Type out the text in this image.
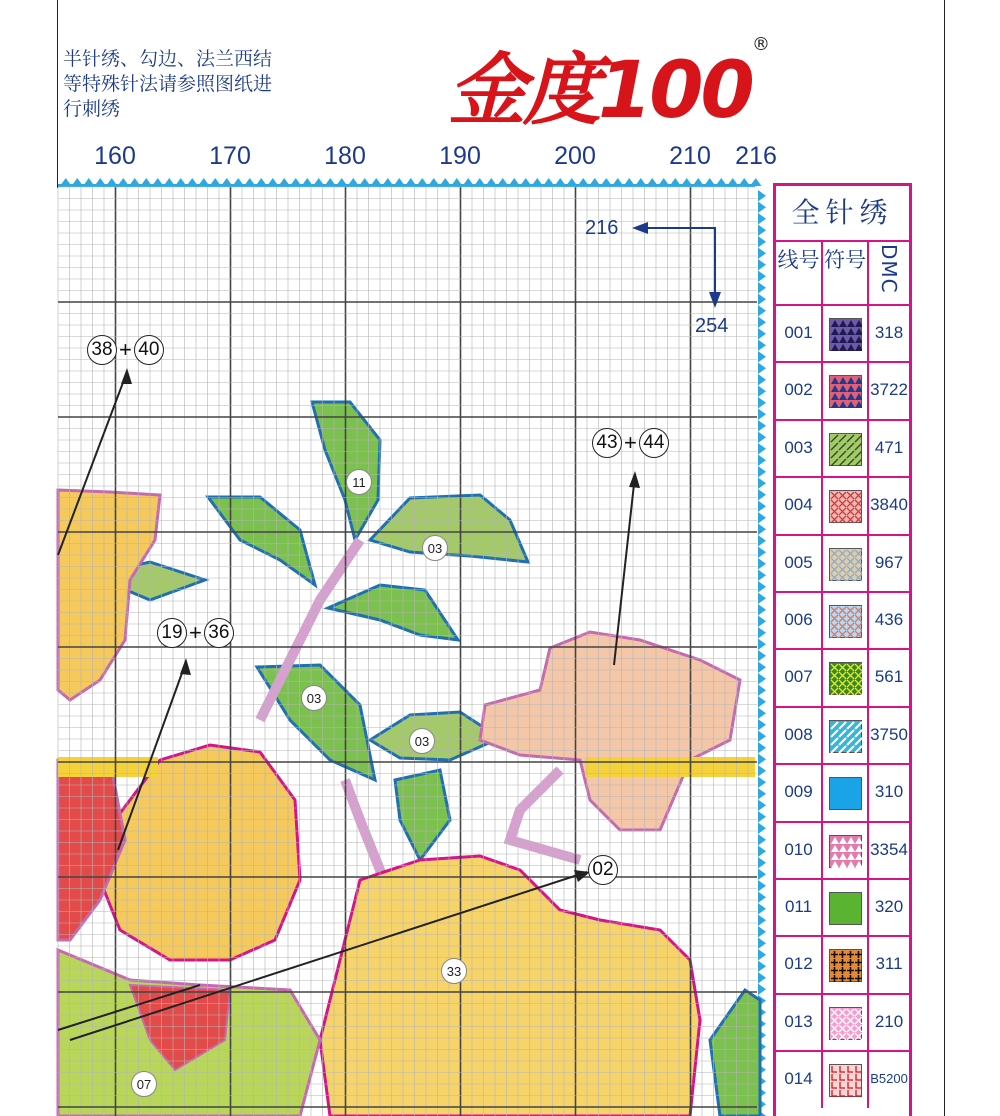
半针绣、勾边、法兰西结
等特殊针法请参照图纸进
行刺绣	金度100
®
160	170	180	190	200	210 216
216
254
38 + 40
43 + 44
19 + 36
02
11
03
03
03
33
07
全针绣
线号 符号 DMC
001	318
002	3722
003	471
004	3840
005	967
006	436
007	561
008	3750
009	310
010	3354
011	320
012	311
013	210
014	B5200
